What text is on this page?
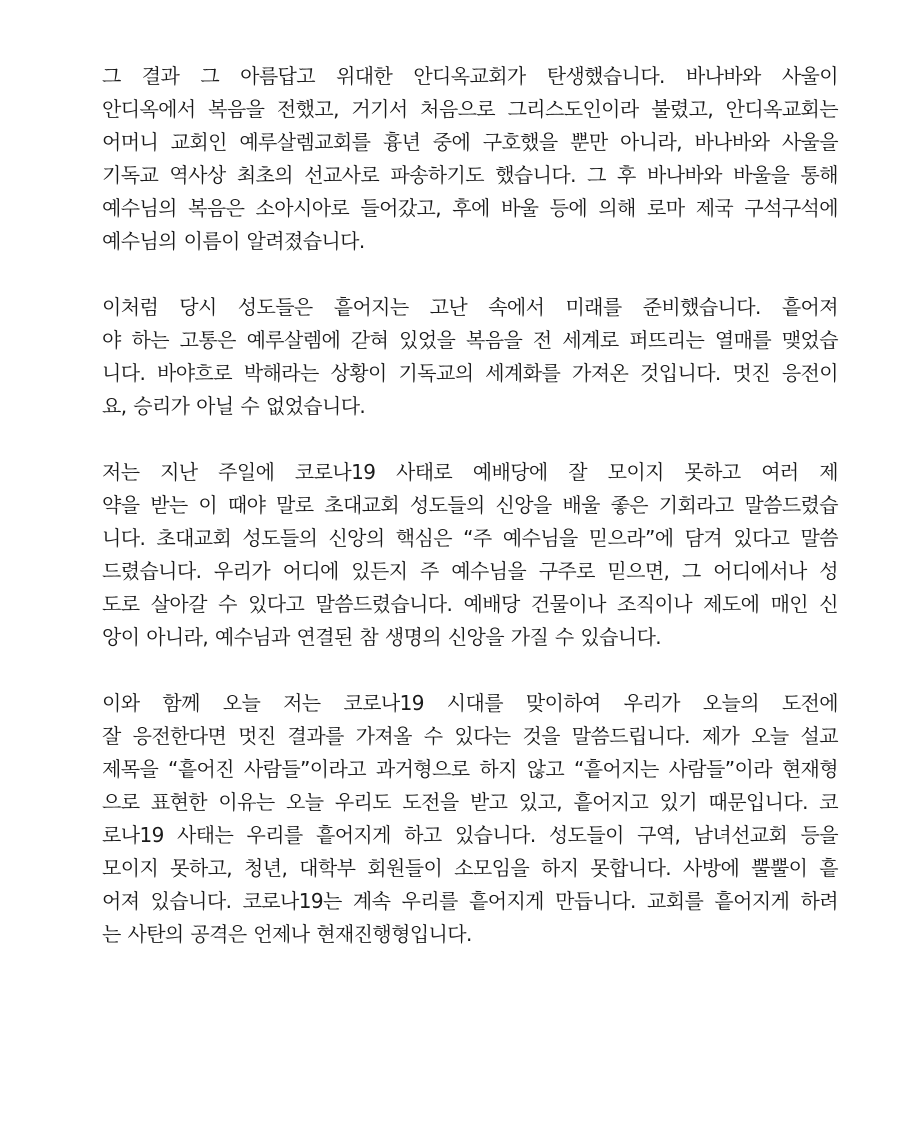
그 결과 그 아름답고 위대한 안디옥교회가 탄생했습니다. 바나바와 사울이
안디옥에서 복음을 전했고, 거기서 처음으로 그리스도인이라 불렸고, 안디옥교회는
어머니 교회인 예루살렘교회를 흉년 중에 구호했을 뿐만 아니라, 바나바와 사울을
기독교 역사상 최초의 선교사로 파송하기도 했습니다. 그 후 바나바와 바울을 통해
예수님의 복음은 소아시아로 들어갔고, 후에 바울 등에 의해 로마 제국 구석구석에
예수님의 이름이 알려졌습니다.

이처럼 당시 성도들은 흩어지는 고난 속에서 미래를 준비했습니다. 흩어져
야 하는 고통은 예루살렘에 갇혀 있었을 복음을 전 세계로 퍼뜨리는 열매를 맺었습
니다. 바야흐로 박해라는 상황이 기독교의 세계화를 가져온 것입니다. 멋진 응전이
요, 승리가 아닐 수 없었습니다.

저는 지난 주일에 코로나19 사태로 예배당에 잘 모이지 못하고 여러 제
약을 받는 이 때야 말로 초대교회 성도들의 신앙을 배울 좋은 기회라고 말씀드렸습
니다. 초대교회 성도들의 신앙의 핵심은 “주 예수님을 믿으라”에 담겨 있다고 말씀
드렸습니다. 우리가 어디에 있든지 주 예수님을 구주로 믿으면, 그 어디에서나 성
도로 살아갈 수 있다고 말씀드렸습니다. 예배당 건물이나 조직이나 제도에 매인 신
앙이 아니라, 예수님과 연결된 참 생명의 신앙을 가질 수 있습니다.

이와 함께 오늘 저는 코로나19 시대를 맞이하여 우리가 오늘의 도전에
잘 응전한다면 멋진 결과를 가져올 수 있다는 것을 말씀드립니다. 제가 오늘 설교
제목을 “흩어진 사람들”이라고 과거형으로 하지 않고 “흩어지는 사람들”이라 현재형
으로 표현한 이유는 오늘 우리도 도전을 받고 있고, 흩어지고 있기 때문입니다. 코
로나19 사태는 우리를 흩어지게 하고 있습니다. 성도들이 구역, 남녀선교회 등을
모이지 못하고, 청년, 대학부 회원들이 소모임을 하지 못합니다. 사방에 뿔뿔이 흩
어져 있습니다. 코로나19는 계속 우리를 흩어지게 만듭니다. 교회를 흩어지게 하려
는 사탄의 공격은 언제나 현재진행형입니다.
